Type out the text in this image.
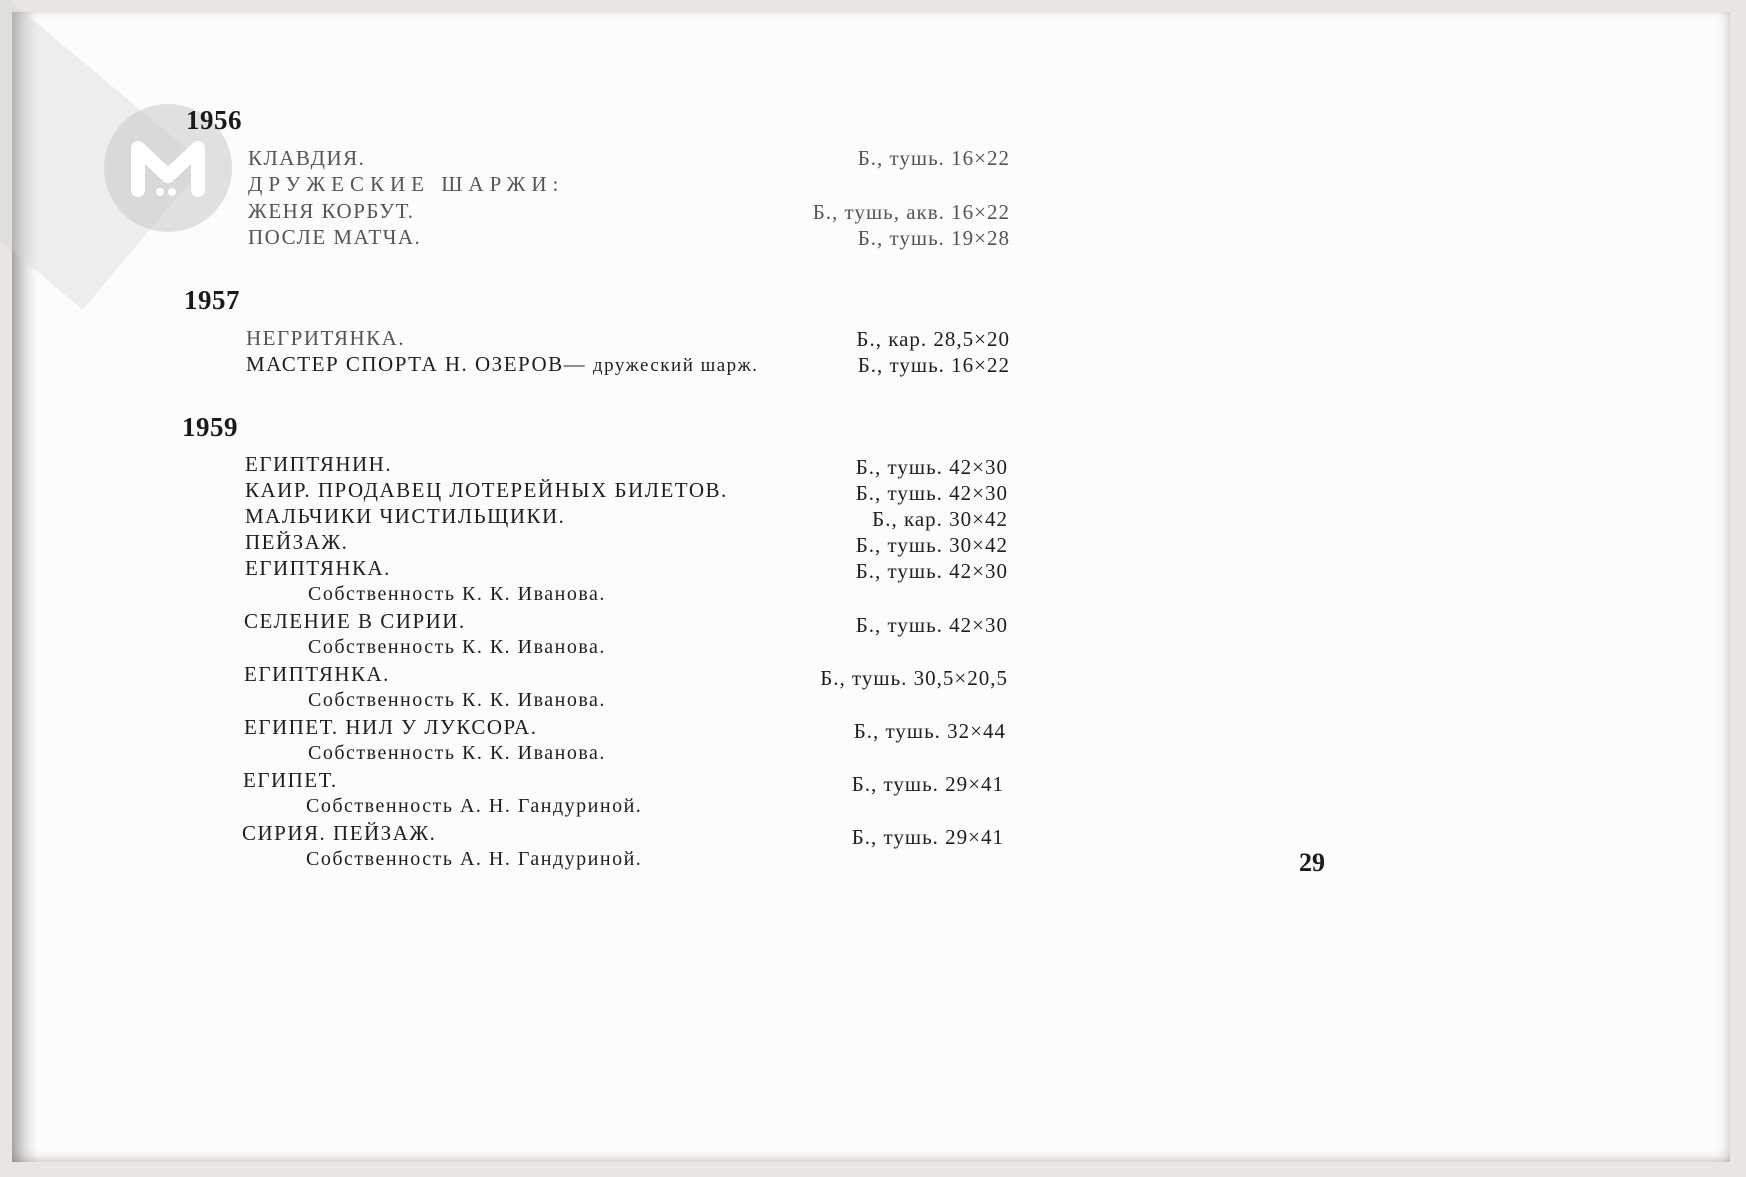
1956
КЛАВДИЯ.	Б., тушь. 16×22
ДРУЖЕСКИЕ ШАРЖИ:
ЖЕНЯ КОРБУТ.	Б., тушь, акв. 16×22
ПОСЛЕ МАТЧА.	Б., тушь. 19×28
1957
НЕГРИТЯНКА.	Б., кар. 28,5×20
МАСТЕР СПОРТА Н. ОЗЕРОВ— дружеский шарж.	Б., тушь. 16×22
1959
ЕГИПТЯНИН.	Б., тушь. 42×30
КАИР. ПРОДАВЕЦ ЛОТЕРЕЙНЫХ БИЛЕТОВ.	Б., тушь. 42×30
МАЛЬЧИКИ ЧИСТИЛЬЩИКИ.	Б., кар. 30×42
ПЕЙЗАЖ.	Б., тушь. 30×42
ЕГИПТЯНКА.	Б., тушь. 42×30
Собственность К. К. Иванова.
СЕЛЕНИЕ В СИРИИ.	Б., тушь. 42×30
Собственность К. К. Иванова.
ЕГИПТЯНКА.	Б., тушь. 30,5×20,5
Собственность К. К. Иванова.
ЕГИПЕТ. НИЛ У ЛУКСОРА.	Б., тушь. 32×44
Собственность К. К. Иванова.
ЕГИПЕТ.	Б., тушь. 29×41
Собственность А. Н. Гандуриной.
СИРИЯ. ПЕЙЗАЖ.	Б., тушь. 29×41
Собственность А. Н. Гандуриной.	29
